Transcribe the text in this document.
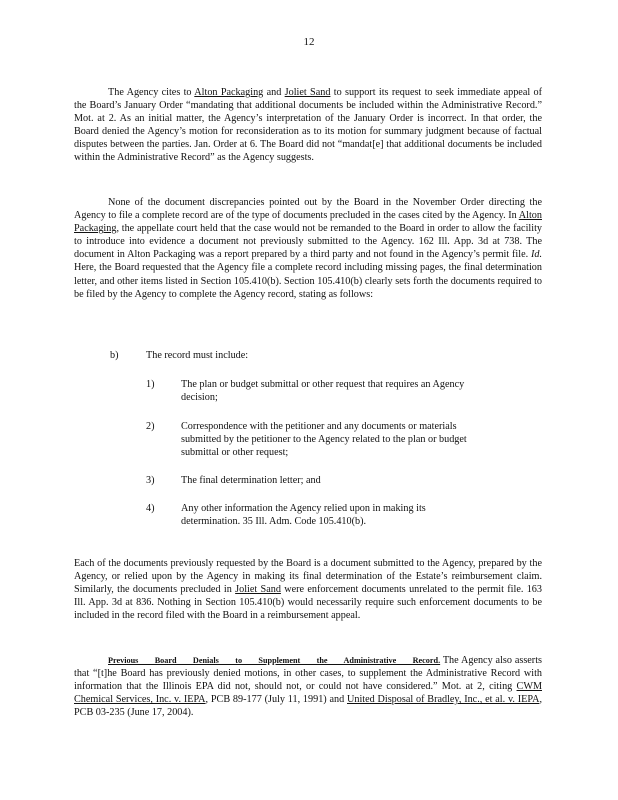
12

The Agency cites to Alton Packaging and Joliet Sand to support its request to seek immediate appeal of the Board’s January Order “mandating that additional documents be included within the Administrative Record.” Mot. at 2. As an initial matter, the Agency’s interpretation of the January Order is incorrect. In that order, the Board denied the Agency’s motion for reconsideration as to its motion for summary judgment because of factual disputes between the parties. Jan. Order at 6. The Board did not “mandat[e] that additional documents be included within the Administrative Record” as the Agency suggests.

None of the document discrepancies pointed out by the Board in the November Order directing the Agency to file a complete record are of the type of documents precluded in the cases cited by the Agency. In Alton Packaging, the appellate court held that the case would not be remanded to the Board in order to allow the facility to introduce into evidence a document not previously submitted to the Agency. 162 Ill. App. 3d at 738. The document in Alton Packaging was a report prepared by a third party and not found in the Agency’s permit file. Id. Here, the Board requested that the Agency file a complete record including missing pages, the final determination letter, and other items listed in Section 105.410(b). Section 105.410(b) clearly sets forth the documents required to be filed by the Agency to complete the Agency record, stating as follows:

b)	The record must include:
1)	The plan or budget submittal or other request that requires an Agency decision;
2)	Correspondence with the petitioner and any documents or materials submitted by the petitioner to the Agency related to the plan or budget submittal or other request;
3)	The final determination letter; and
4)	Any other information the Agency relied upon in making its determination. 35 Ill. Adm. Code 105.410(b).

Each of the documents previously requested by the Board is a document submitted to the Agency, prepared by the Agency, or relied upon by the Agency in making its final determination of the Estate’s reimbursement claim. Similarly, the documents precluded in Joliet Sand were enforcement documents unrelated to the permit file. 163 Ill. App. 3d at 836. Nothing in Section 105.410(b) would necessarily require such enforcement documents to be included in the record filed with the Board in a reimbursement appeal.

Previous Board Denials to Supplement the Administrative Record. The Agency also asserts that “[t]he Board has previously denied motions, in other cases, to supplement the Administrative Record with information that the Illinois EPA did not, should not, or could not have considered.” Mot. at 2, citing CWM Chemical Services, Inc. v. IEPA, PCB 89-177 (July 11, 1991) and United Disposal of Bradley, Inc., et al. v. IEPA, PCB 03-235 (June 17, 2004).
